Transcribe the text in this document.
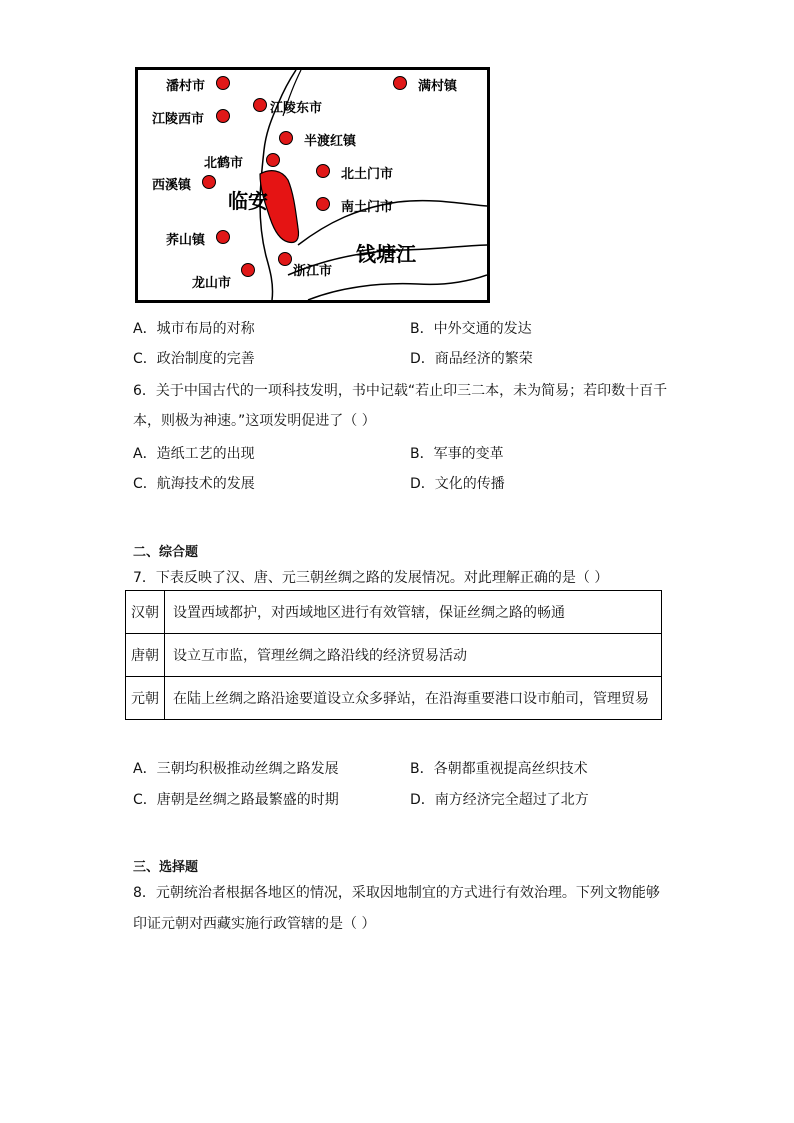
潘村市	满村镇
江陵西市
江陵东市
半渡红镇
北鹤市
北土门市
西溪镇
临安	南土门市
钱塘江
荞山镇
龙山市
浙江市
A．城市布局的对称	B．中外交通的发达
C．政治制度的完善	D．商品经济的繁荣
6．关于中国古代的一项科技发明，书中记载“若止印三二本，未为简易；若印数十百千
本，则极为神速。”这项发明促进了（ ）
A．造纸工艺的出现	B．军事的变革
C．航海技术的发展	D．文化的传播
二、综合题
7．下表反映了汉、唐、元三朝丝绸之路的发展情况。对此理解正确的是（ ）
汉朝	设置西域都护，对西域地区进行有效管辖，保证丝绸之路的畅通
唐朝	设立互市监，管理丝绸之路沿线的经济贸易活动
元朝	在陆上丝绸之路沿途要道设立众多驿站，在沿海重要港口设市舶司，管理贸易
A．三朝均积极推动丝绸之路发展	B．各朝都重视提高丝织技术
C．唐朝是丝绸之路最繁盛的时期	D．南方经济完全超过了北方
三、选择题
8．元朝统治者根据各地区的情况，采取因地制宜的方式进行有效治理。下列文物能够
印证元朝对西藏实施行政管辖的是（ ）
